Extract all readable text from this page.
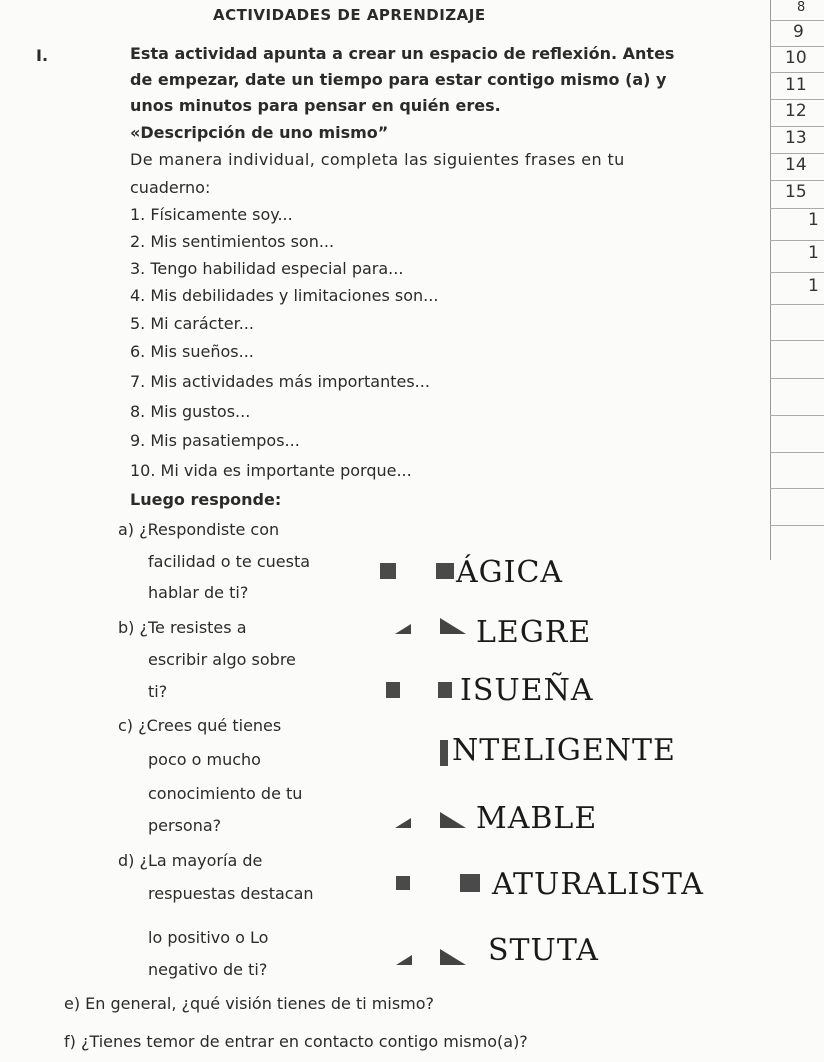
ACTIVIDADES DE APRENDIZAJE	8
9
10
11
12
13
14
15
1
1
1
I.	Esta actividad apunta a crear un espacio de reflexión. Antes
de empezar, date un tiempo para estar contigo mismo (a) y
unos minutos para pensar en quién eres.
«Descripción de uno mismo”
De manera individual, completa las siguientes frases en tu
cuaderno:
1. Físicamente soy...
2. Mis sentimientos son...
3. Tengo habilidad especial para...
4. Mis debilidades y limitaciones son...
5. Mi carácter...
6. Mis sueños...
7. Mis actividades más importantes...
8. Mis gustos...
9. Mis pasatiempos...
10. Mi vida es importante porque...
Luego responde:
a) ¿Respondiste con
facilidad o te cuesta
hablar de ti?
b) ¿Te resistes a
escribir algo sobre
ti?
c) ¿Crees qué tienes
poco o mucho
conocimiento de tu
persona?
d) ¿La mayoría de
respuestas destacan
lo positivo o Lo
negativo de ti?
e) En general, ¿qué visión tienes de ti mismo?
f) ¿Tienes temor de entrar en contacto contigo mismo(a)?
ÁGICA
LEGRE
ISUEÑA
NTELIGENTE
MABLE
ATURALISTA
STUTA
